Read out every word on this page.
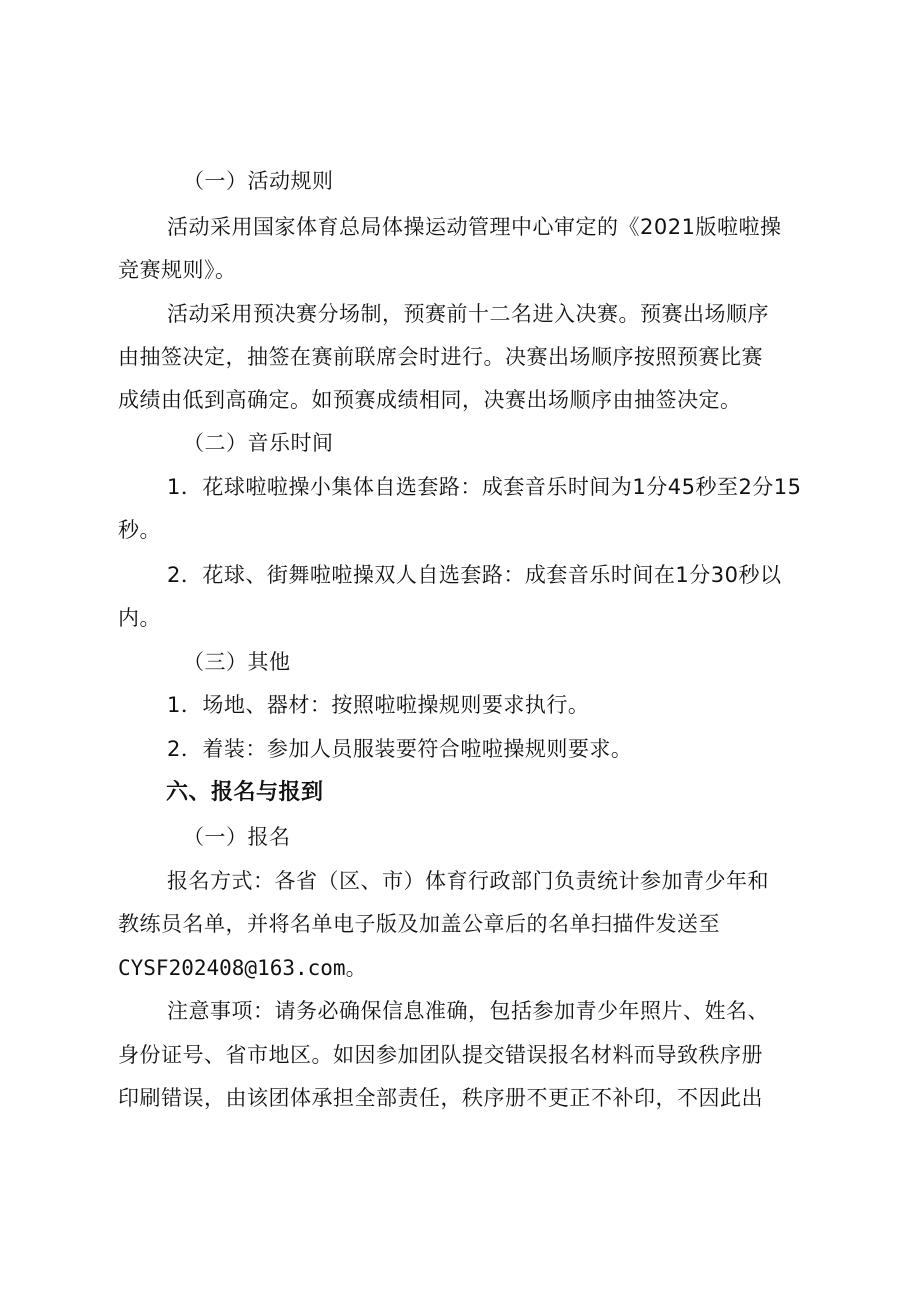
（一）活动规则
活动采用国家体育总局体操运动管理中心审定的《2021版啦啦操
竞赛规则》。
活动采用预决赛分场制，预赛前十二名进入决赛。预赛出场顺序
由抽签决定，抽签在赛前联席会时进行。决赛出场顺序按照预赛比赛
成绩由低到高确定。如预赛成绩相同，决赛出场顺序由抽签决定。
（二）音乐时间
1．花球啦啦操小集体自选套路：成套音乐时间为1分45秒至2分15
秒。
2．花球、街舞啦啦操双人自选套路：成套音乐时间在1分30秒以
内。
（三）其他
1．场地、器材：按照啦啦操规则要求执行。
2．着装：参加人员服装要符合啦啦操规则要求。
六、报名与报到
（一）报名
报名方式：各省（区、市）体育行政部门负责统计参加青少年和
教练员名单，并将名单电子版及加盖公章后的名单扫描件发送至
CYSF202408@163.com。
注意事项：请务必确保信息准确，包括参加青少年照片、姓名、
身份证号、省市地区。如因参加团队提交错误报名材料而导致秩序册
印刷错误，由该团体承担全部责任，秩序册不更正不补印，不因此出
